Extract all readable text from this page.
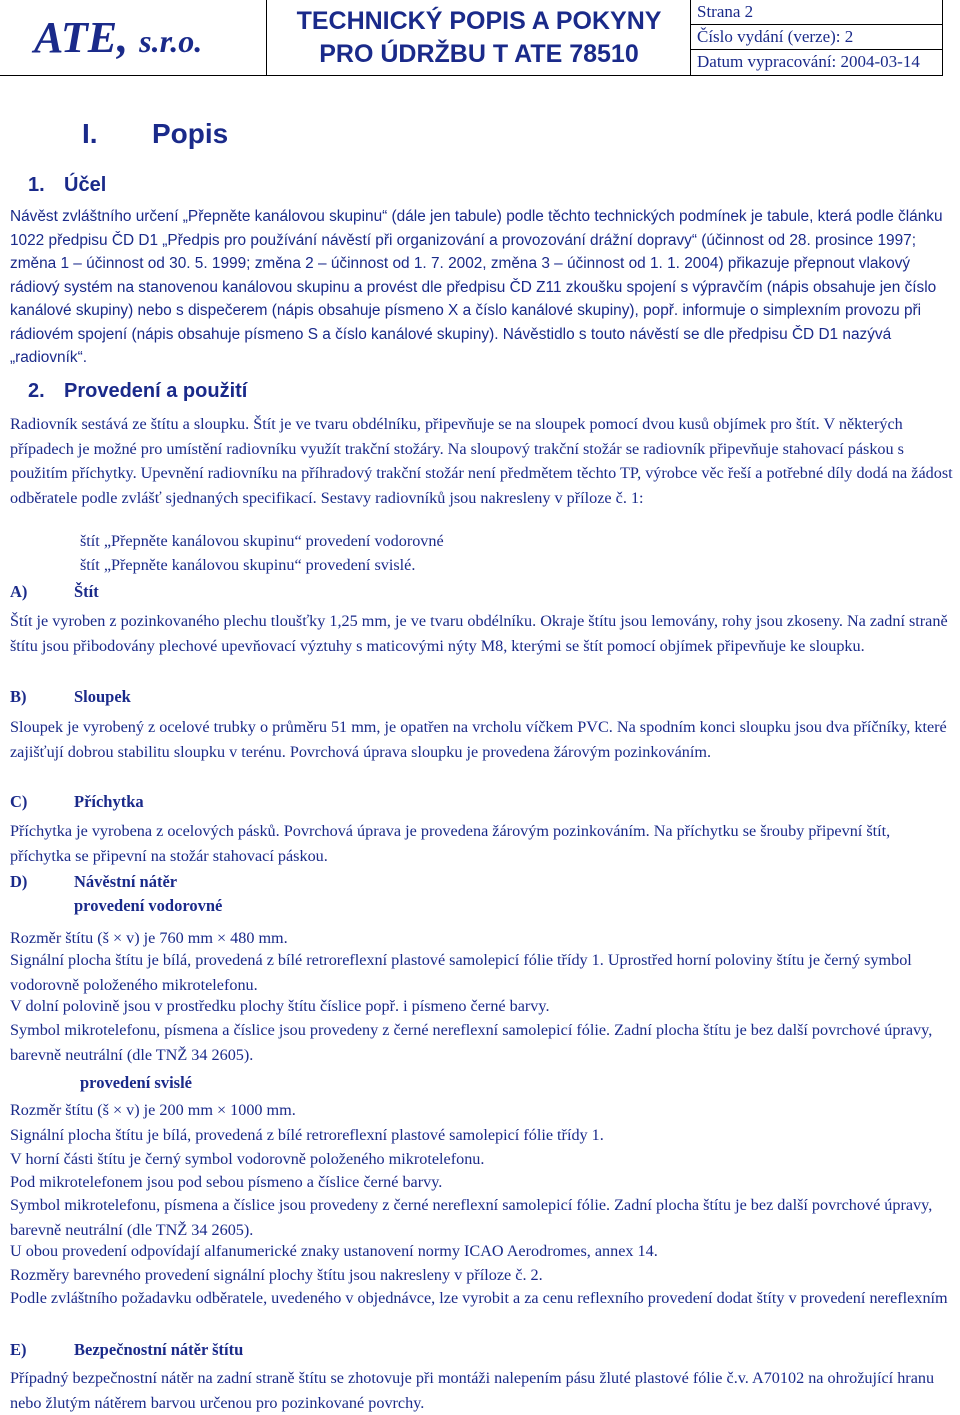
ATE, s.r.o.
TECHNICKÝ POPIS A POKYNY
PRO ÚDRŽBU T ATE 78510
Strana 2
Číslo vydání (verze): 2
Datum vypracování: 2004-03-14
I. Popis
1. Účel
Návěst zvláštního určení „Přepněte kanálovou skupinu“ (dále jen tabule) podle těchto technických podmínek je tabule, která podle článku 1022 předpisu ČD D1 „Předpis pro používání návěstí při organizování a provozování drážní dopravy“ (účinnost od 28. prosince 1997; změna 1 – účinnost od 30. 5. 1999; změna 2 – účinnost od 1. 7. 2002, změna 3 – účinnost od 1. 1. 2004) přikazuje přepnout vlakový rádiový systém na stanovenou kanálovou skupinu a provést dle předpisu ČD Z11 zkoušku spojení s výpravčím (nápis obsahuje jen číslo kanálové skupiny) nebo s dispečerem (nápis obsahuje písmeno X a číslo kanálové skupiny), popř. informuje o simplexním provozu při rádiovém spojení (nápis obsahuje písmeno S a číslo kanálové skupiny). Návěstidlo s touto návěstí se dle předpisu ČD D1 nazývá „radiovník“.
2. Provedení a použití
Radiovník sestává ze štítu a sloupku. Štít je ve tvaru obdélníku, připevňuje se na sloupek pomocí dvou kusů objímek pro štít. V některých případech je možné pro umístění radiovníku využít trakční stožáry. Na sloupový trakční stožár se radiovník připevňuje stahovací páskou s použitím příchytky. Upevnění radiovníku na příhradový trakční stožár není předmětem těchto TP, výrobce věc řeší a potřebné díly dodá na žádost odběratele podle zvlášť sjednaných specifikací. Sestavy radiovníků jsou nakresleny v příloze č. 1:
štít „Přepněte kanálovou skupinu“ provedení vodorovné
štít „Přepněte kanálovou skupinu“ provedení svislé.
A)	Štít
Štít je vyroben z pozinkovaného plechu tloušťky 1,25 mm, je ve tvaru obdélníku. Okraje štítu jsou lemovány, rohy jsou zkoseny. Na zadní straně štítu jsou přibodovány plechové upevňovací výztuhy s maticovými nýty M8, kterými se štít pomocí objímek připevňuje ke sloupku.
B)	Sloupek
Sloupek je vyrobený z ocelové trubky o průměru 51 mm, je opatřen na vrcholu víčkem PVC. Na spodním konci sloupku jsou dva příčníky, které zajišťují dobrou stabilitu sloupku v terénu. Povrchová úprava sloupku je provedena žárovým pozinkováním.
C)	Příchytka
Příchytka je vyrobena z ocelových pásků. Povrchová úprava je provedena žárovým pozinkováním. Na příchytku se šrouby připevní štít, příchytka se připevní na stožár stahovací páskou.
D)	Návěstní nátěr
provedení vodorovné
Rozměr štítu (š × v) je 760 mm × 480 mm.
Signální plocha štítu je bílá, provedená z bílé retroreflexní plastové samolepicí fólie třídy 1. Uprostřed horní poloviny štítu je černý symbol vodorovně položeného mikrotelefonu.
V dolní polovině jsou v prostředku plochy štítu číslice popř. i písmeno černé barvy.
Symbol mikrotelefonu, písmena a číslice jsou provedeny z černé nereflexní samolepicí fólie. Zadní plocha štítu je bez další povrchové úpravy, barevně neutrální (dle TNŽ 34 2605).
provedení svislé
Rozměr štítu (š × v) je 200 mm × 1000 mm.
Signální plocha štítu je bílá, provedená z bílé retroreflexní plastové samolepicí fólie třídy 1.
V horní části štítu je černý symbol vodorovně položeného mikrotelefonu.
Pod mikrotelefonem jsou pod sebou písmeno a číslice černé barvy.
Symbol mikrotelefonu, písmena a číslice jsou provedeny z černé nereflexní samolepicí fólie. Zadní plocha štítu je bez další povrchové úpravy, barevně neutrální (dle TNŽ 34 2605).
U obou provedení odpovídají alfanumerické znaky ustanovení normy ICAO Aerodromes, annex 14.
Rozměry barevného provedení signální plochy štítu jsou nakresleny v příloze č. 2.
Podle zvláštního požadavku odběratele, uvedeného v objednávce, lze vyrobit a za cenu reflexního provedení dodat štíty v provedení nereflexním
E)	Bezpečnostní nátěr štítu
Případný bezpečnostní nátěr na zadní straně štítu se zhotovuje při montáži nalepením pásu žluté plastové fólie č.v. A70102 na ohrožující hranu nebo žlutým nátěrem barvou určenou pro pozinkované povrchy.
